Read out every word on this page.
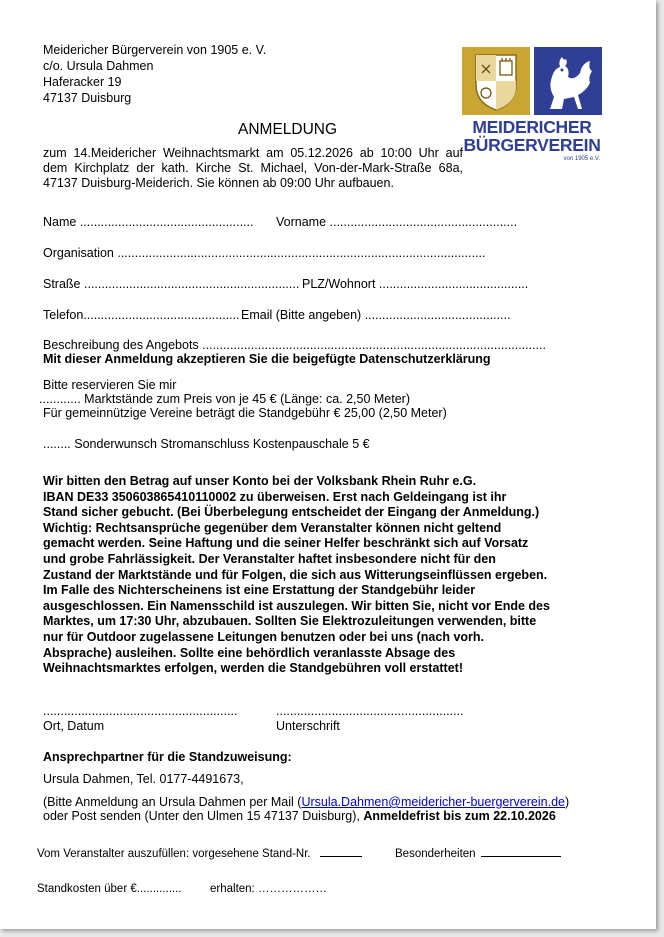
Meidericher Bürgerverein von 1905 e. V.
c/o. Ursula Dahmen
Haferacker 19
47137 Duisburg
MEIDERICHER
BÜRGERVEREIN
von 1905 e.V.
ANMELDUNG
zum 14.Meidericher Weihnachtsmarkt am 05.12.2026 ab 10:00 Uhr auf dem Kirchplatz der kath. Kirche St. Michael, Von-der-Mark-Straße 68a, 47137 Duisburg-Meiderich. Sie können ab 09:00 Uhr aufbauen.
Name .................................................. Vorname ......................................................
Organisation ..........................................................................................................
Straße .............................................................. PLZ/Wohnort ...........................................
Telefon............................................. Email (Bitte angeben) ..........................................
Beschreibung des Angebots ...................................................................................................
Mit dieser Anmeldung akzeptieren Sie die beigefügte Datenschutzerklärung
Bitte reservieren Sie mir
............ Marktstände zum Preis von je 45 € (Länge: ca. 2,50 Meter)
Für gemeinnützige Vereine beträgt die Standgebühr € 25,00 (2,50 Meter)
........ Sonderwunsch Stromanschluss Kostenpauschale 5 €
Wir bitten den Betrag auf unser Konto bei der Volksbank Rhein Ruhr e.G.
IBAN DE33 350603865410110002 zu überweisen. Erst nach Geldeingang ist ihr
Stand sicher gebucht. (Bei Überbelegung entscheidet der Eingang der Anmeldung.)
Wichtig: Rechtsansprüche gegenüber dem Veranstalter können nicht geltend
gemacht werden. Seine Haftung und die seiner Helfer beschränkt sich auf Vorsatz
und grobe Fahrlässigkeit. Der Veranstalter haftet insbesondere nicht für den
Zustand der Marktstände und für Folgen, die sich aus Witterungseinflüssen ergeben.
Im Falle des Nichterscheinens ist eine Erstattung der Standgebühr leider
ausgeschlossen. Ein Namensschild ist auszulegen. Wir bitten Sie, nicht vor Ende des
Marktes, um 17:30 Uhr, abzubauen. Sollten Sie Elektrozuleitungen verwenden, bitte
nur für Outdoor zugelassene Leitungen benutzen oder bei uns (nach vorh.
Absprache) ausleihen. Sollte eine behördlich veranlasste Absage des
Weihnachtsmarktes erfolgen, werden die Standgebühren voll erstattet!
........................................................	......................................................
Ort, Datum	Unterschrift
Ansprechpartner für die Standzuweisung:
Ursula Dahmen, Tel. 0177-4491673,
(Bitte Anmeldung an Ursula Dahmen per Mail (Ursula.Dahmen@meidericher-buergerverein.de)
oder Post senden (Unter den Ulmen 15 47137 Duisburg), Anmeldefrist bis zum 22.10.2026
Vom Veranstalter auszufüllen: vorgesehene Stand-Nr.	Besonderheiten
Standkosten über €.............. erhalten: ………………
